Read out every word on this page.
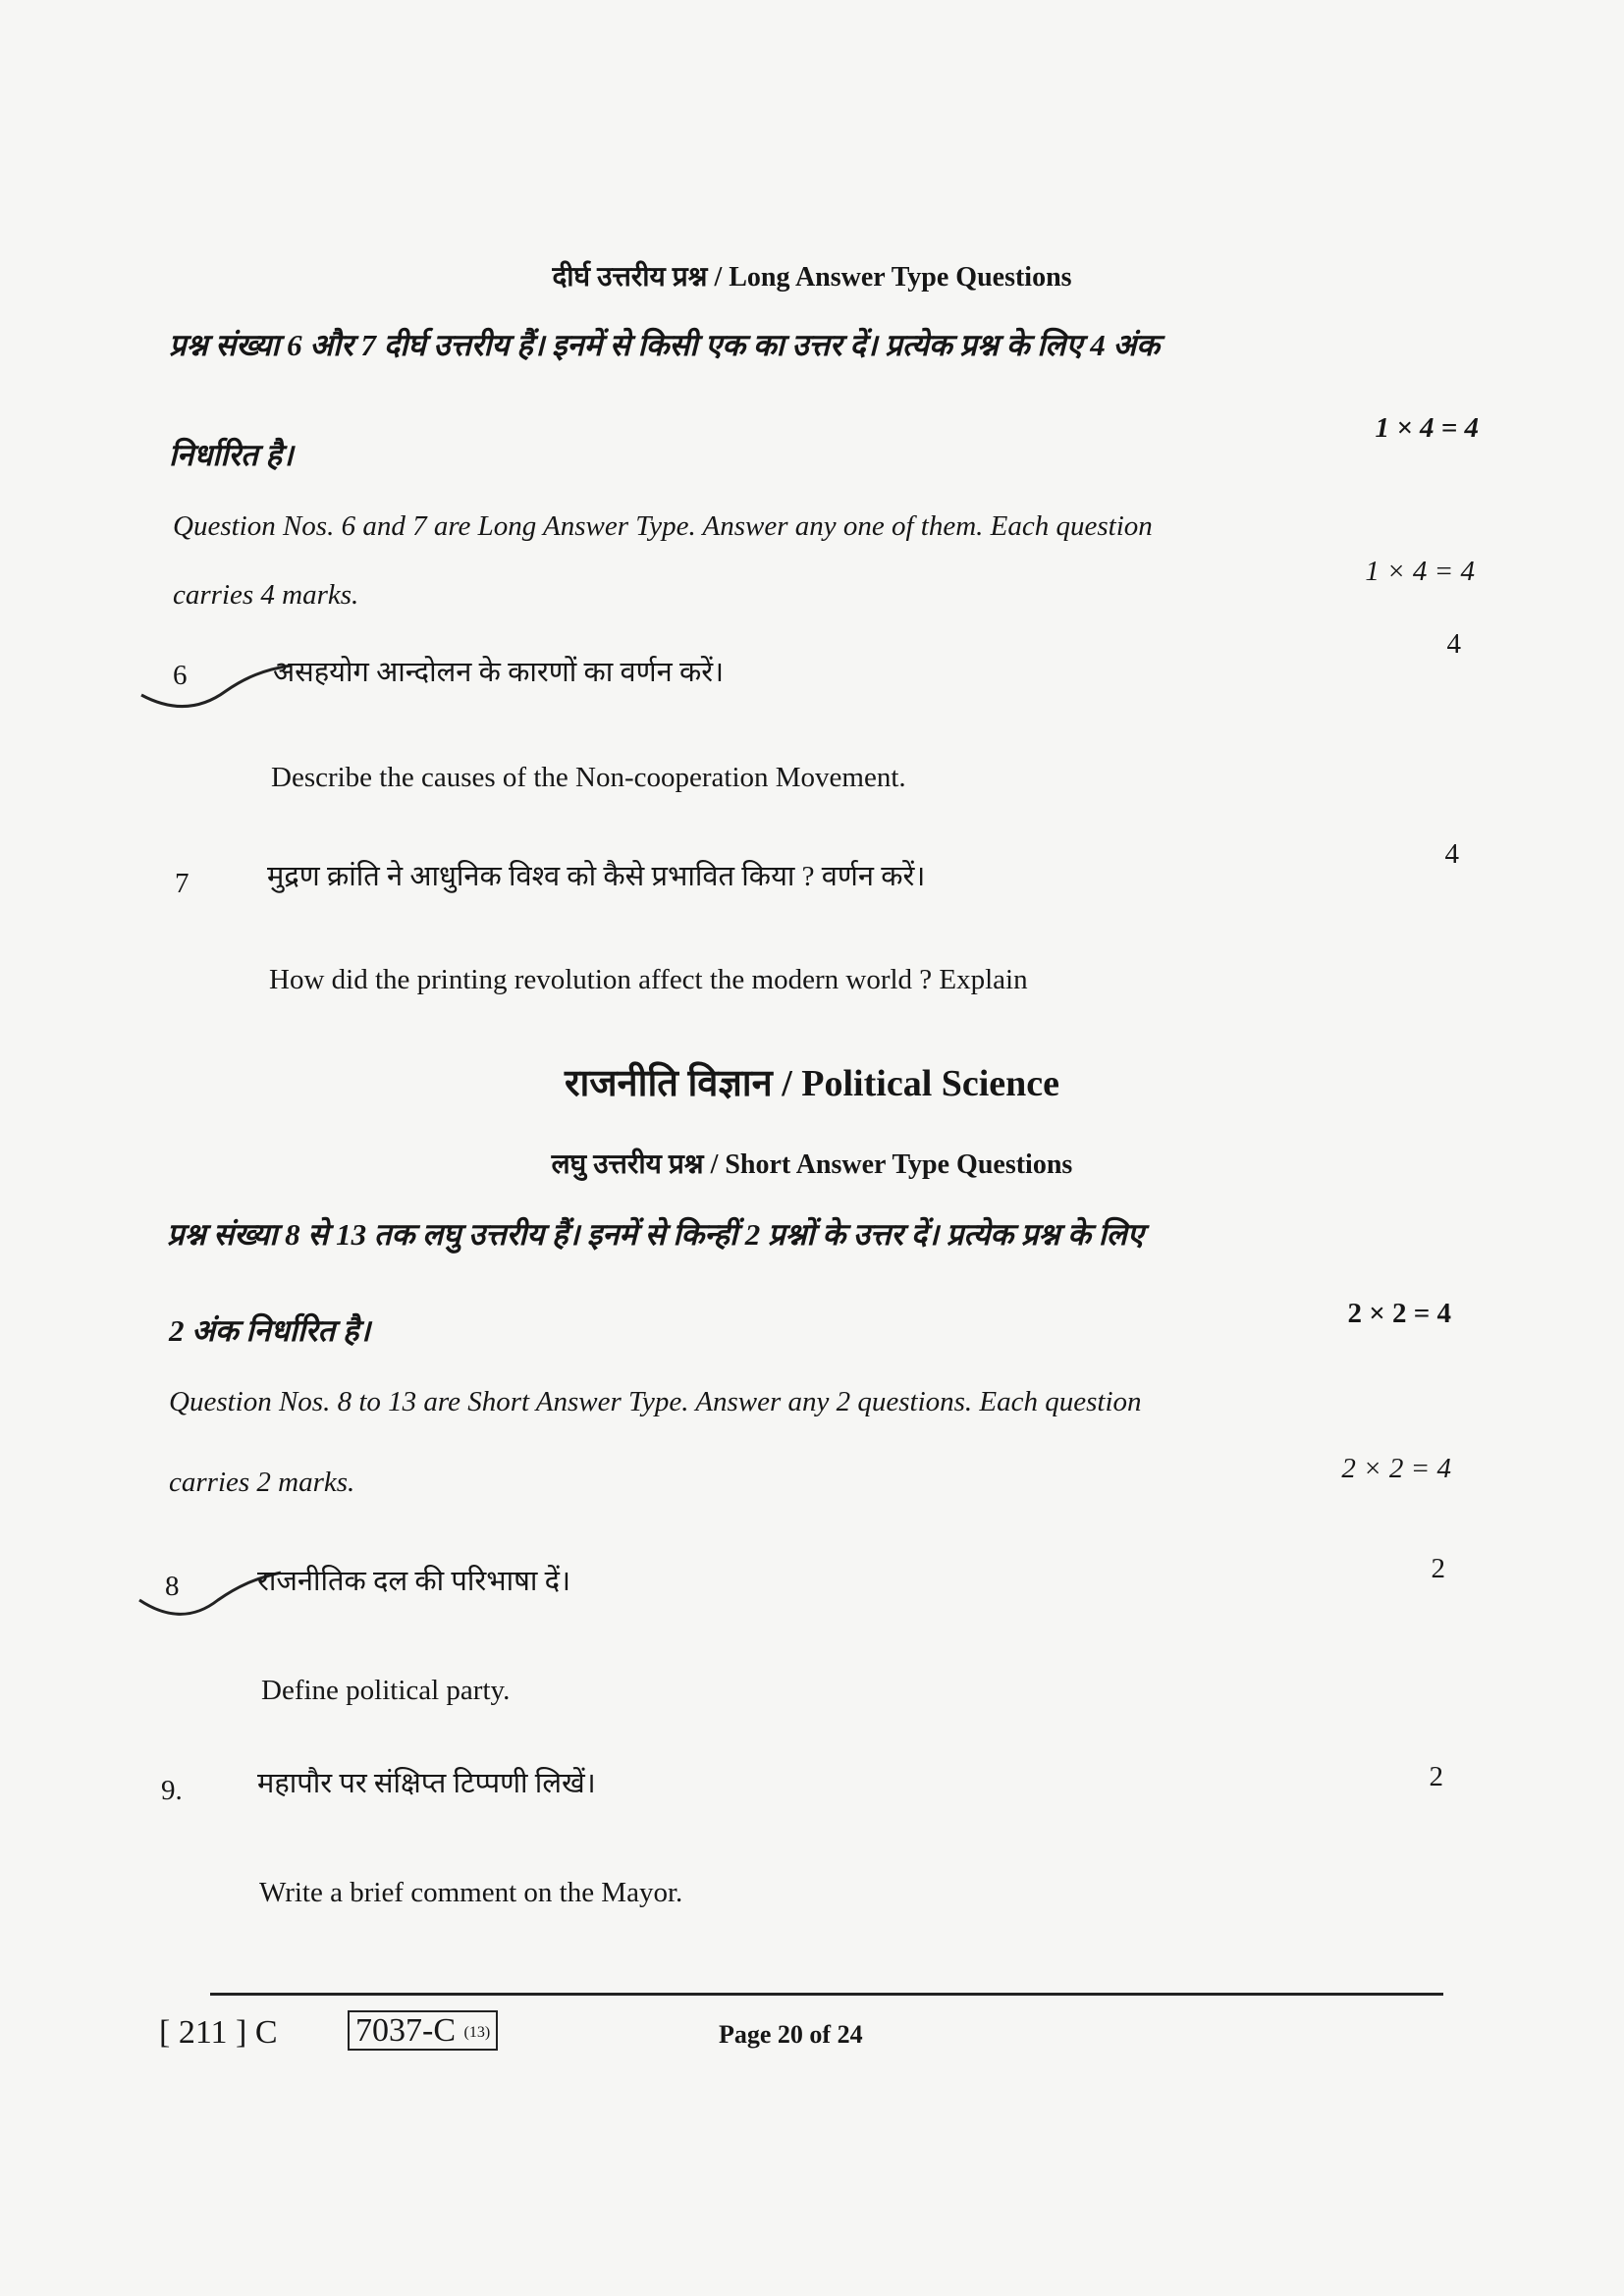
दीर्घ उत्तरीय प्रश्न / Long Answer Type Questions
प्रश्न संख्या 6 और 7 दीर्घ उत्तरीय हैं। इनमें से किसी एक का उत्तर दें। प्रत्येक प्रश्न के लिए 4 अंक
निर्धारित है।
1 × 4 = 4
Question Nos. 6 and 7 are Long Answer Type. Answer any one of them. Each question
carries 4 marks.
1 × 4 = 4
6	असहयोग आन्दोलन के कारणों का वर्णन करें।
4
Describe the causes of the Non-cooperation Movement.
7	मुद्रण क्रांति ने आधुनिक विश्व को कैसे प्रभावित किया ? वर्णन करें।
4
How did the printing revolution affect the modern world ? Explain
राजनीति विज्ञान / Political Science
लघु उत्तरीय प्रश्न / Short Answer Type Questions
प्रश्न संख्या 8 से 13 तक लघु उत्तरीय हैं। इनमें से किन्हीं 2 प्रश्नों के उत्तर दें। प्रत्येक प्रश्न के लिए
2 अंक निर्धारित है।	2 × 2 = 4
Question Nos. 8 to 13 are Short Answer Type. Answer any 2 questions. Each question
carries 2 marks.	2 × 2 = 4
8	राजनीतिक दल की परिभाषा दें।	2
Define political party.
9.	महापौर पर संक्षिप्त टिप्पणी लिखें।	2
Write a brief comment on the Mayor.
[ 211 ] C 7037-C (13)	Page 20 of 24
